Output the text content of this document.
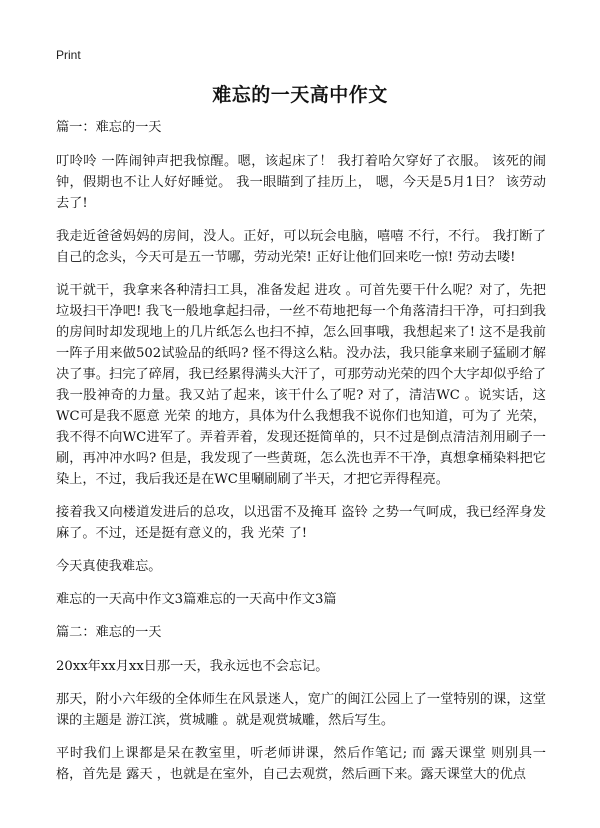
Print
难忘的一天高中作文

篇一：难忘的一天

叮呤呤 一阵闹钟声把我惊醒。嗯，该起床了！ 我打着哈欠穿好了衣服。 该死的闹钟，假期也不让人好好睡觉。 我一眼瞄到了挂历上， 嗯，今天是5月1日？ 该劳动去了!

我走近爸爸妈妈的房间，没人。正好，可以玩会电脑，嘻嘻 不行，不行。 我打断了自己的念头，今天可是五一节哪，劳动光荣! 正好让他们回来吃一惊! 劳动去喽!

说干就干，我拿来各种清扫工具，准备发起 进攻 。可首先要干什么呢？对了，先把垃圾扫干净吧! 我飞一般地拿起扫帚，一丝不苟地把每一个角落清扫干净，可扫到我的房间时却发现地上的几片纸怎么也扫不掉，怎么回事哦，我想起来了! 这不是我前一阵子用来做502试验品的纸吗? 怪不得这么粘。没办法，我只能拿来刷子猛刷才解决了事。扫完了碎屑，我已经累得满头大汗了，可那劳动光荣的四个大字却似乎给了我一股神奇的力量。我又站了起来，该干什么了呢? 对了，清洁WC 。说实话，这WC可是我不愿意 光荣 的地方，具体为什么我想我不说你们也知道，可为了 光荣，我不得不向WC进军了。弄着弄着，发现还挺简单的，只不过是倒点清洁剂用刷子一刷，再冲冲水吗? 但是，我发现了一些黄斑，怎么洗也弄不干净，真想拿桶染料把它染上，不过，我后我还是在WC里唰刷刷了半天，才把它弄得程亮。

接着我又向楼道发进后的总攻，以迅雷不及掩耳 盗铃 之势一气呵成，我已经浑身发麻了。不过，还是挺有意义的，我 光荣 了!

今天真使我难忘。

难忘的一天高中作文3篇难忘的一天高中作文3篇

篇二：难忘的一天

20xx年xx月xx日那一天，我永远也不会忘记。

那天，附小六年级的全体师生在风景迷人，宽广的闽江公园上了一堂特别的课，这堂课的主题是 游江滨，赏城雕 。就是观赏城雕，然后写生。

平时我们上课都是呆在教室里，听老师讲课，然后作笔记; 而 露天课堂 则别具一格，首先是 露天 ，也就是在室外，自己去观赏，然后画下来。露天课堂大的优点
